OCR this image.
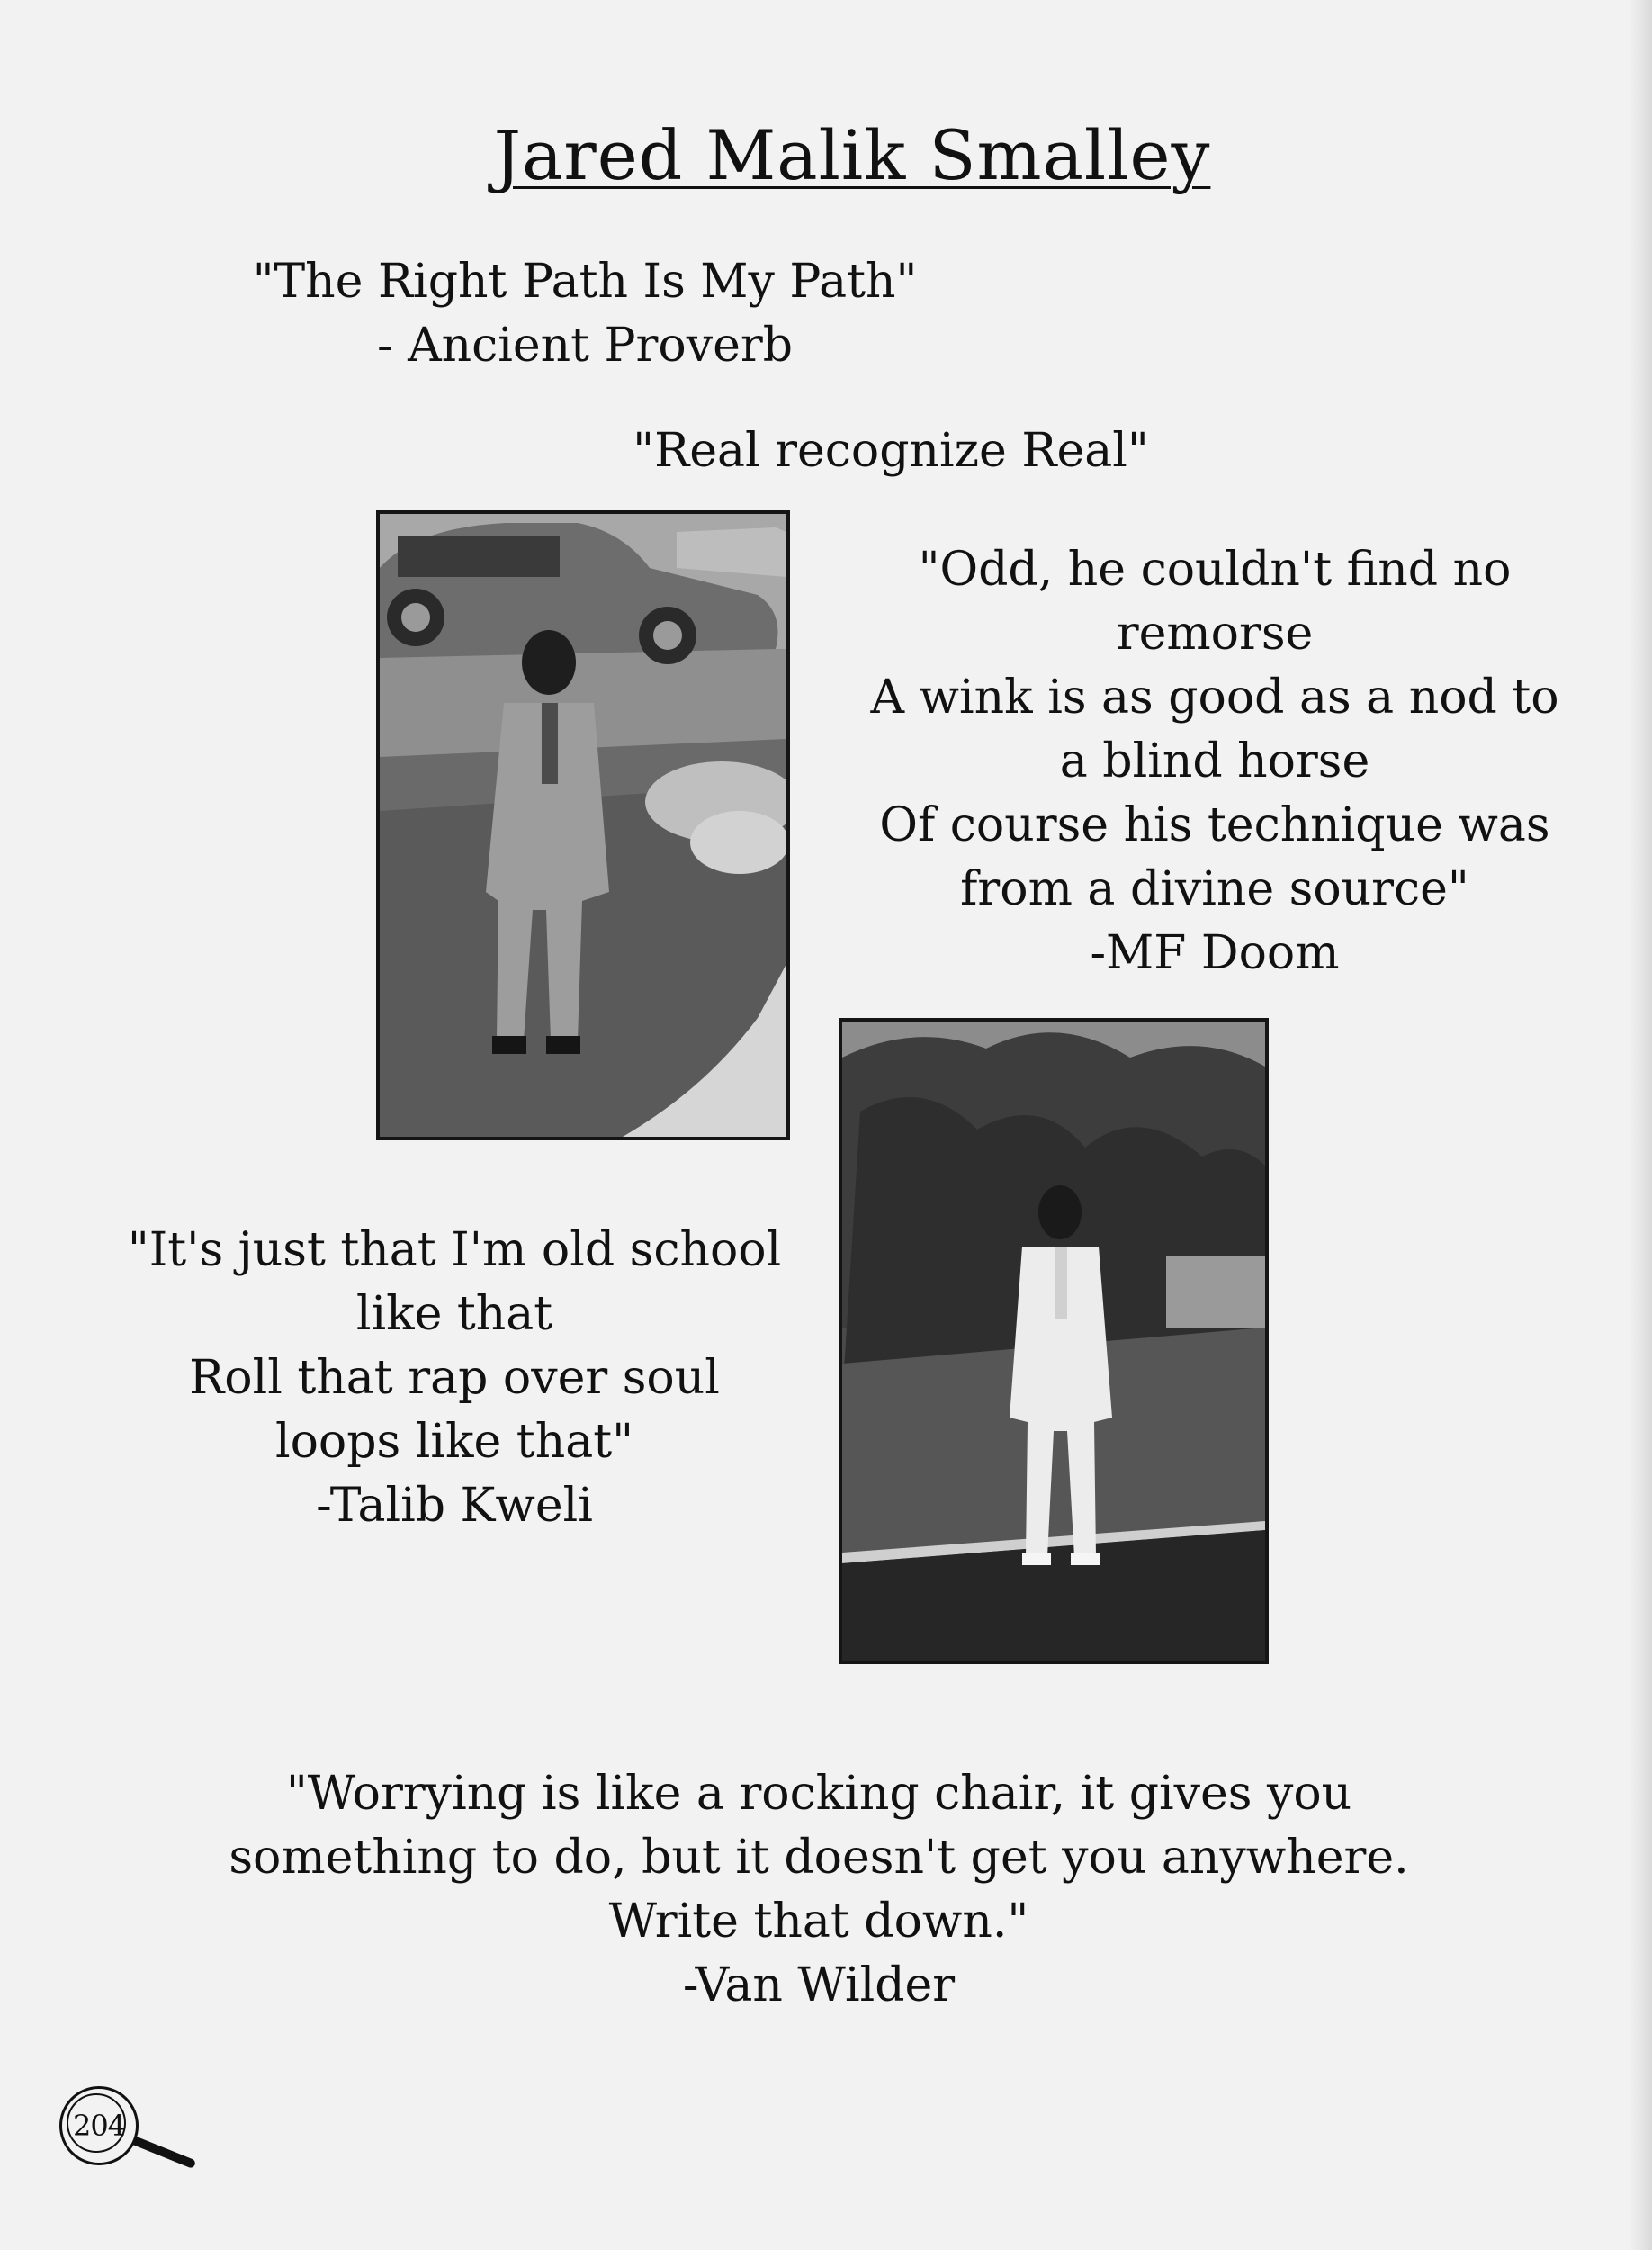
Jared Malik Smalley

"The Right Path Is My Path"
- Ancient Proverb

"Real recognize Real"

"Odd, he couldn't find no
remorse
A wink is as good as a nod to
a blind horse
Of course his technique was
from a divine source"
-MF Doom

"It's just that I'm old school
like that
Roll that rap over soul
loops like that"
-Talib Kweli

"Worrying is like a rocking chair, it gives you
something to do, but it doesn't get you anywhere.
Write that down."
-Van Wilder

204
